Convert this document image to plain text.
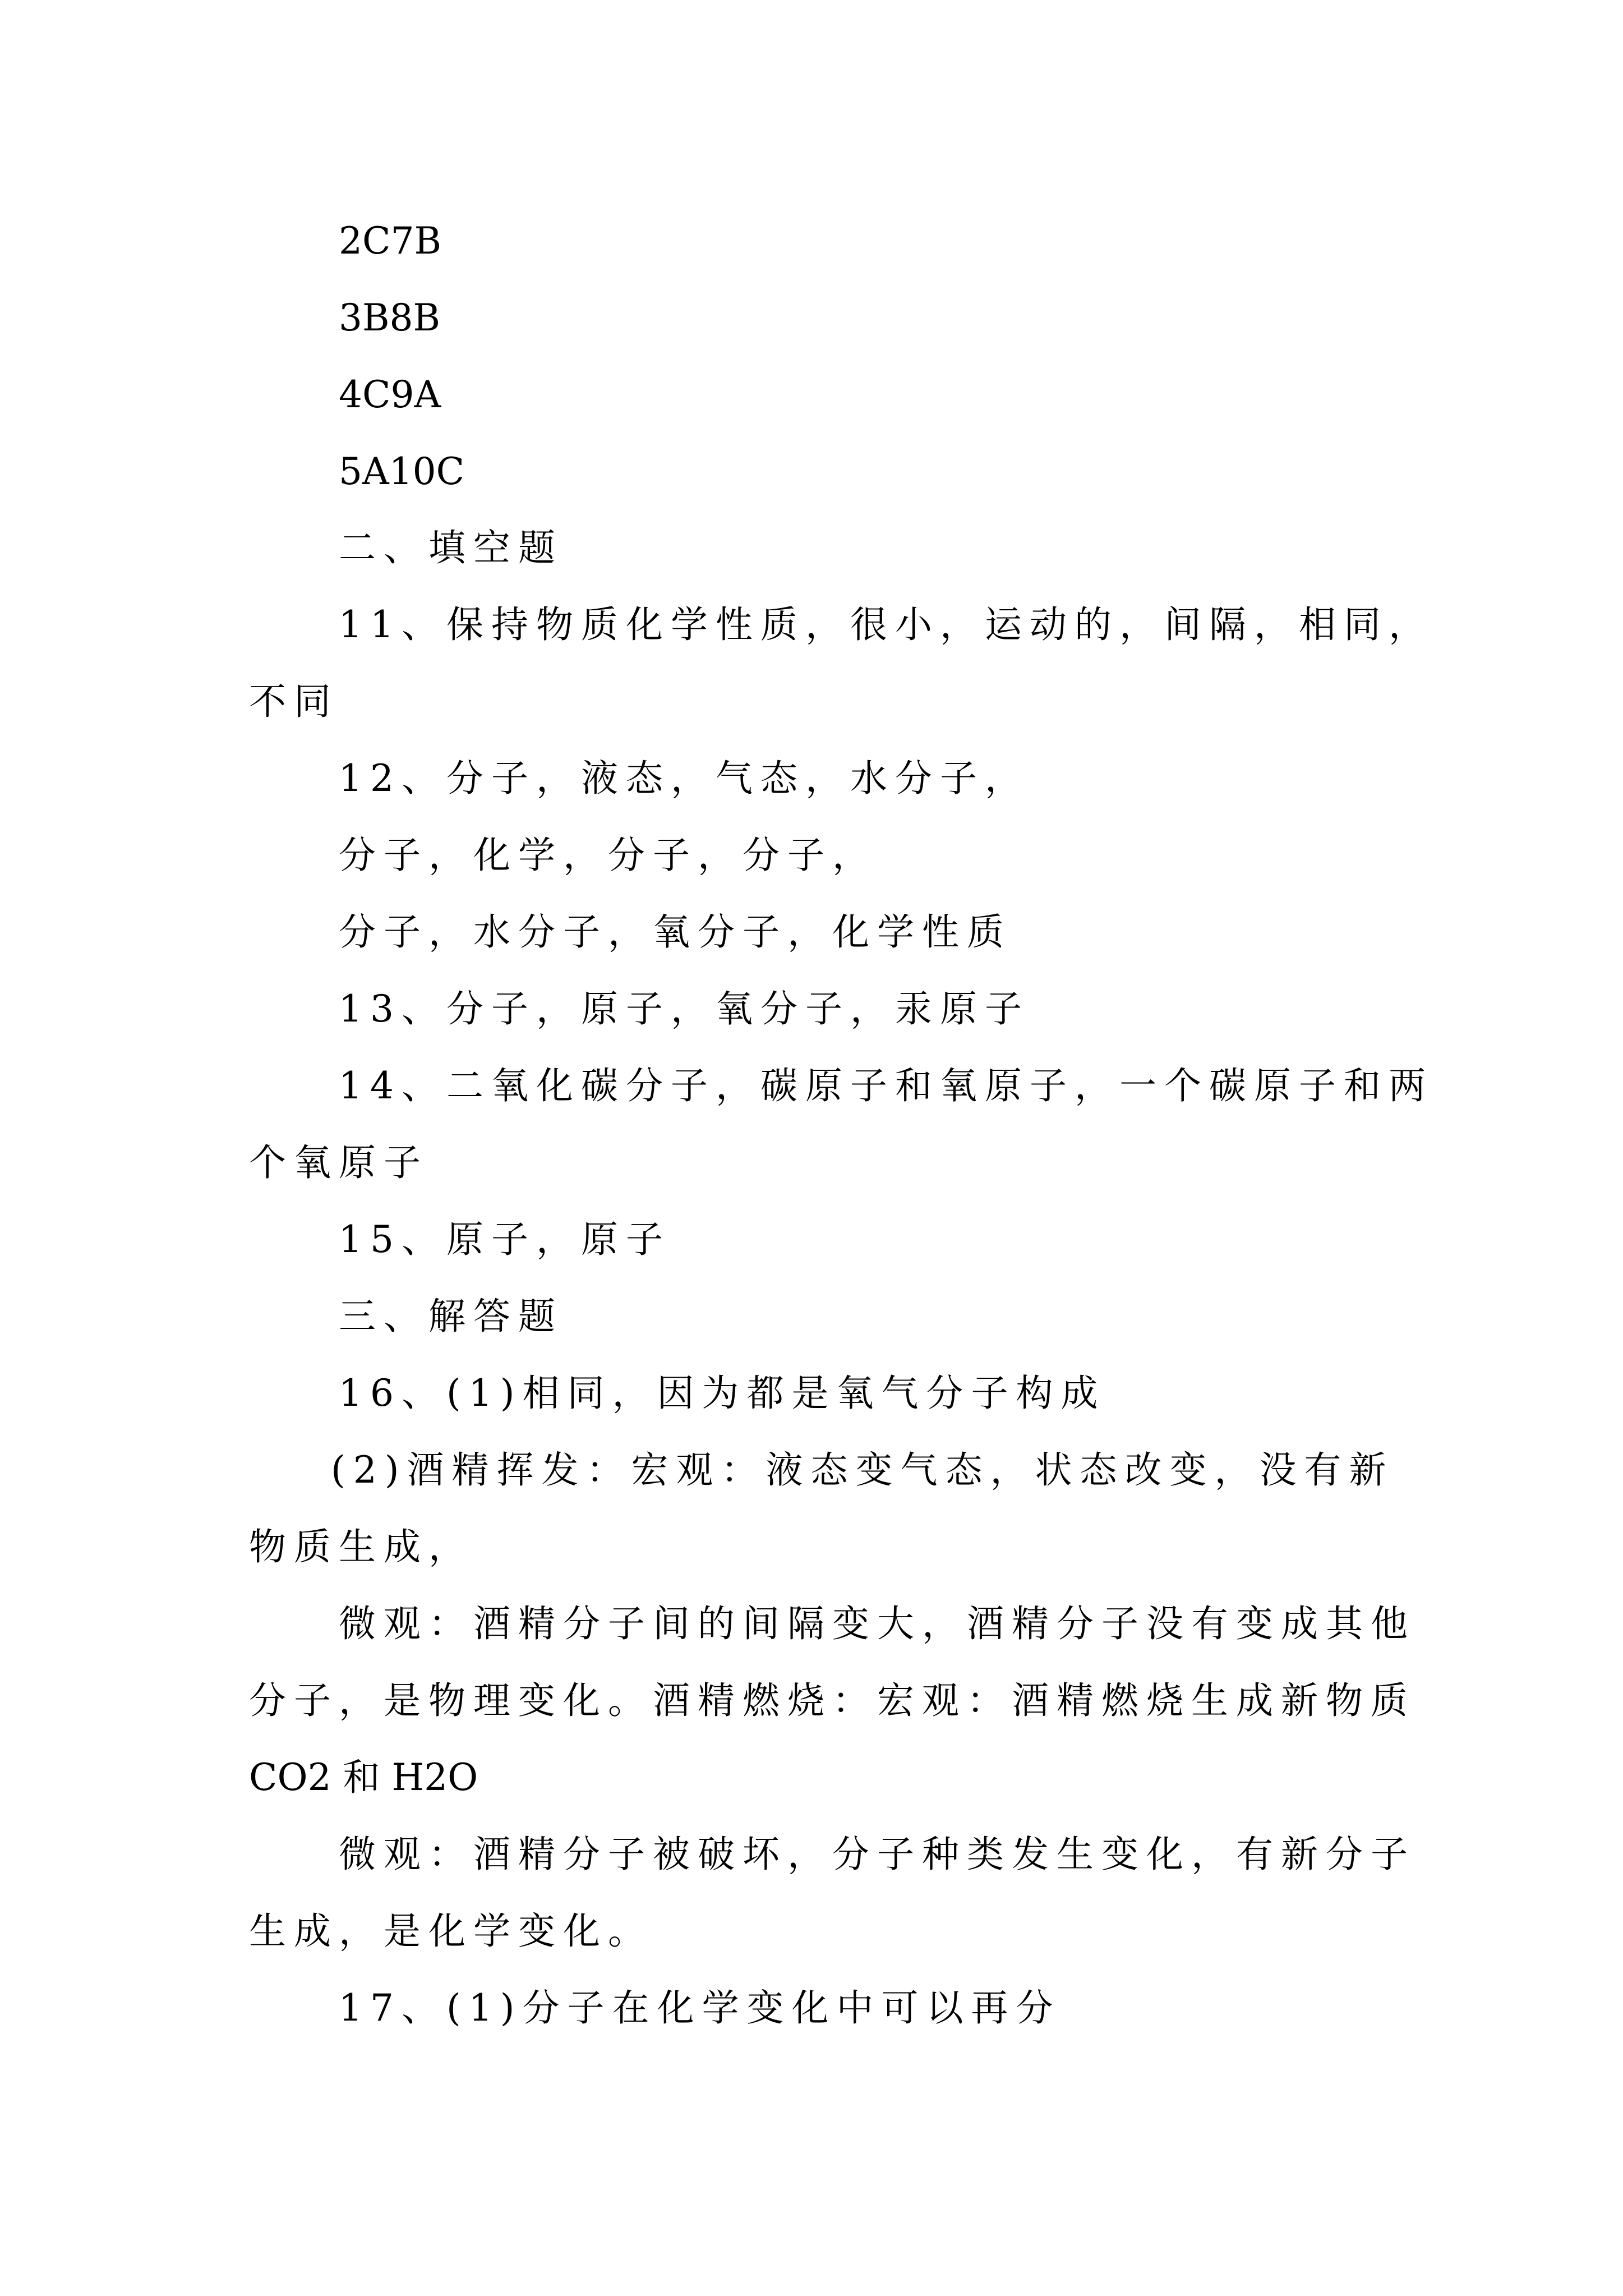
2C7B
3B8B
4C9A
5A10C
二、填空题
11、保持物质化学性质，很小，运动的，间隔，相同，
不同
12、分子，液态，气态，水分子，
分子，化学，分子，分子，
分子，水分子，氧分子，化学性质
13、分子，原子，氧分子，汞原子
14、二氧化碳分子，碳原子和氧原子，一个碳原子和两
个氧原子
15、原子，原子
三、解答题
16、(1)相同，因为都是氧气分子构成
(2)酒精挥发：宏观：液态变气态，状态改变，没有新
物质生成，
微观：酒精分子间的间隔变大，酒精分子没有变成其他
分子，是物理变化。酒精燃烧：宏观：酒精燃烧生成新物质
CO2 和 H2O
微观：酒精分子被破坏，分子种类发生变化，有新分子
生成，是化学变化。
17、(1)分子在化学变化中可以再分
